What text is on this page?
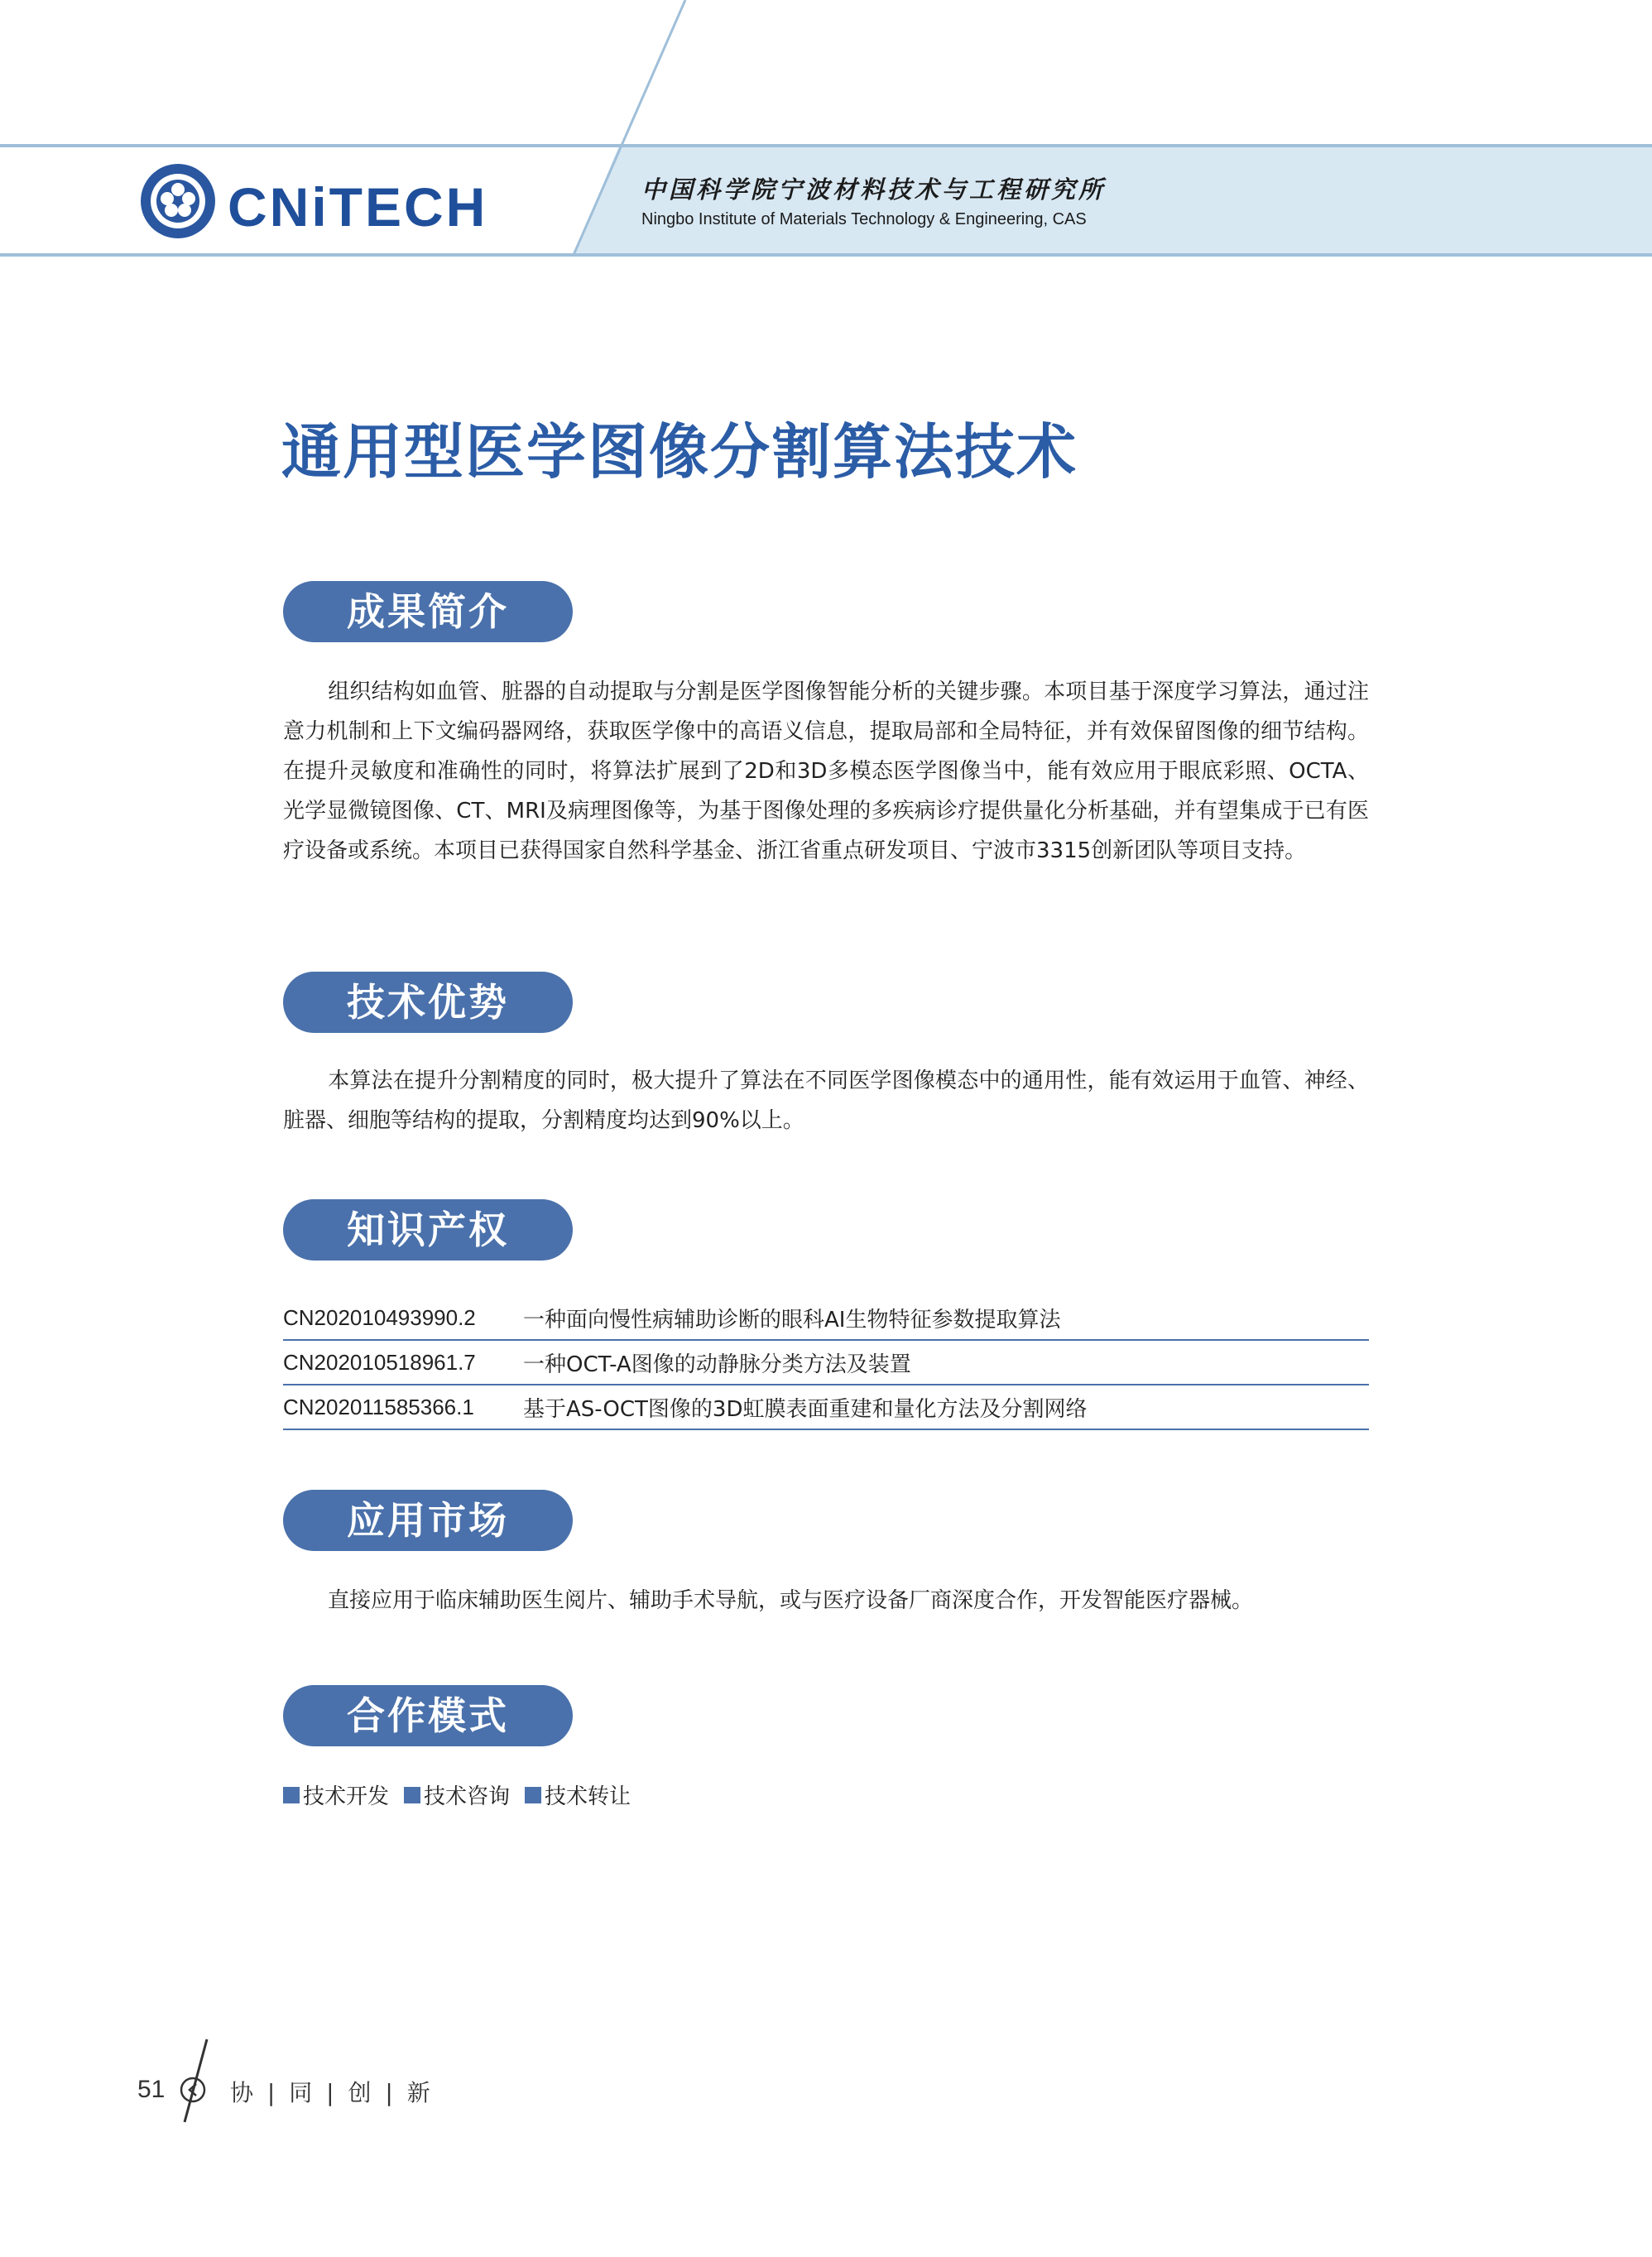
CNiTECH	中国科学院宁波材料技术与工程研究所
Ningbo Institute of Materials Technology & Engineering, CAS
通用型医学图像分割算法技术
成果简介
组织结构如血管、脏器的自动提取与分割是医学图像智能分析的关键步骤。本项目基于深度学习算法，通过注意力机制和上下文编码器网络，获取医学像中的高语义信息，提取局部和全局特征，并有效保留图像的细节结构。在提升灵敏度和准确性的同时，将算法扩展到了2D和3D多模态医学图像当中，能有效应用于眼底彩照、OCTA、光学显微镜图像、CT、MRI及病理图像等，为基于图像处理的多疾病诊疗提供量化分析基础，并有望集成于已有医疗设备或系统。本项目已获得国家自然科学基金、浙江省重点研发项目、宁波市3315创新团队等项目支持。
技术优势
本算法在提升分割精度的同时，极大提升了算法在不同医学图像模态中的通用性，能有效运用于血管、神经、脏器、细胞等结构的提取，分割精度均达到90%以上。
知识产权
CN202010493990.2	一种面向慢性病辅助诊断的眼科AI生物特征参数提取算法
CN202010518961.7	一种OCT-A图像的动静脉分类方法及装置
CN202011585366.1	基于AS-OCT图像的3D虹膜表面重建和量化方法及分割网络
应用市场
直接应用于临床辅助医生阅片、辅助手术导航，或与医疗设备厂商深度合作，开发智能医疗器械。
合作模式
技术开发 技术咨询 技术转让
51	协 | 同 | 创 | 新
